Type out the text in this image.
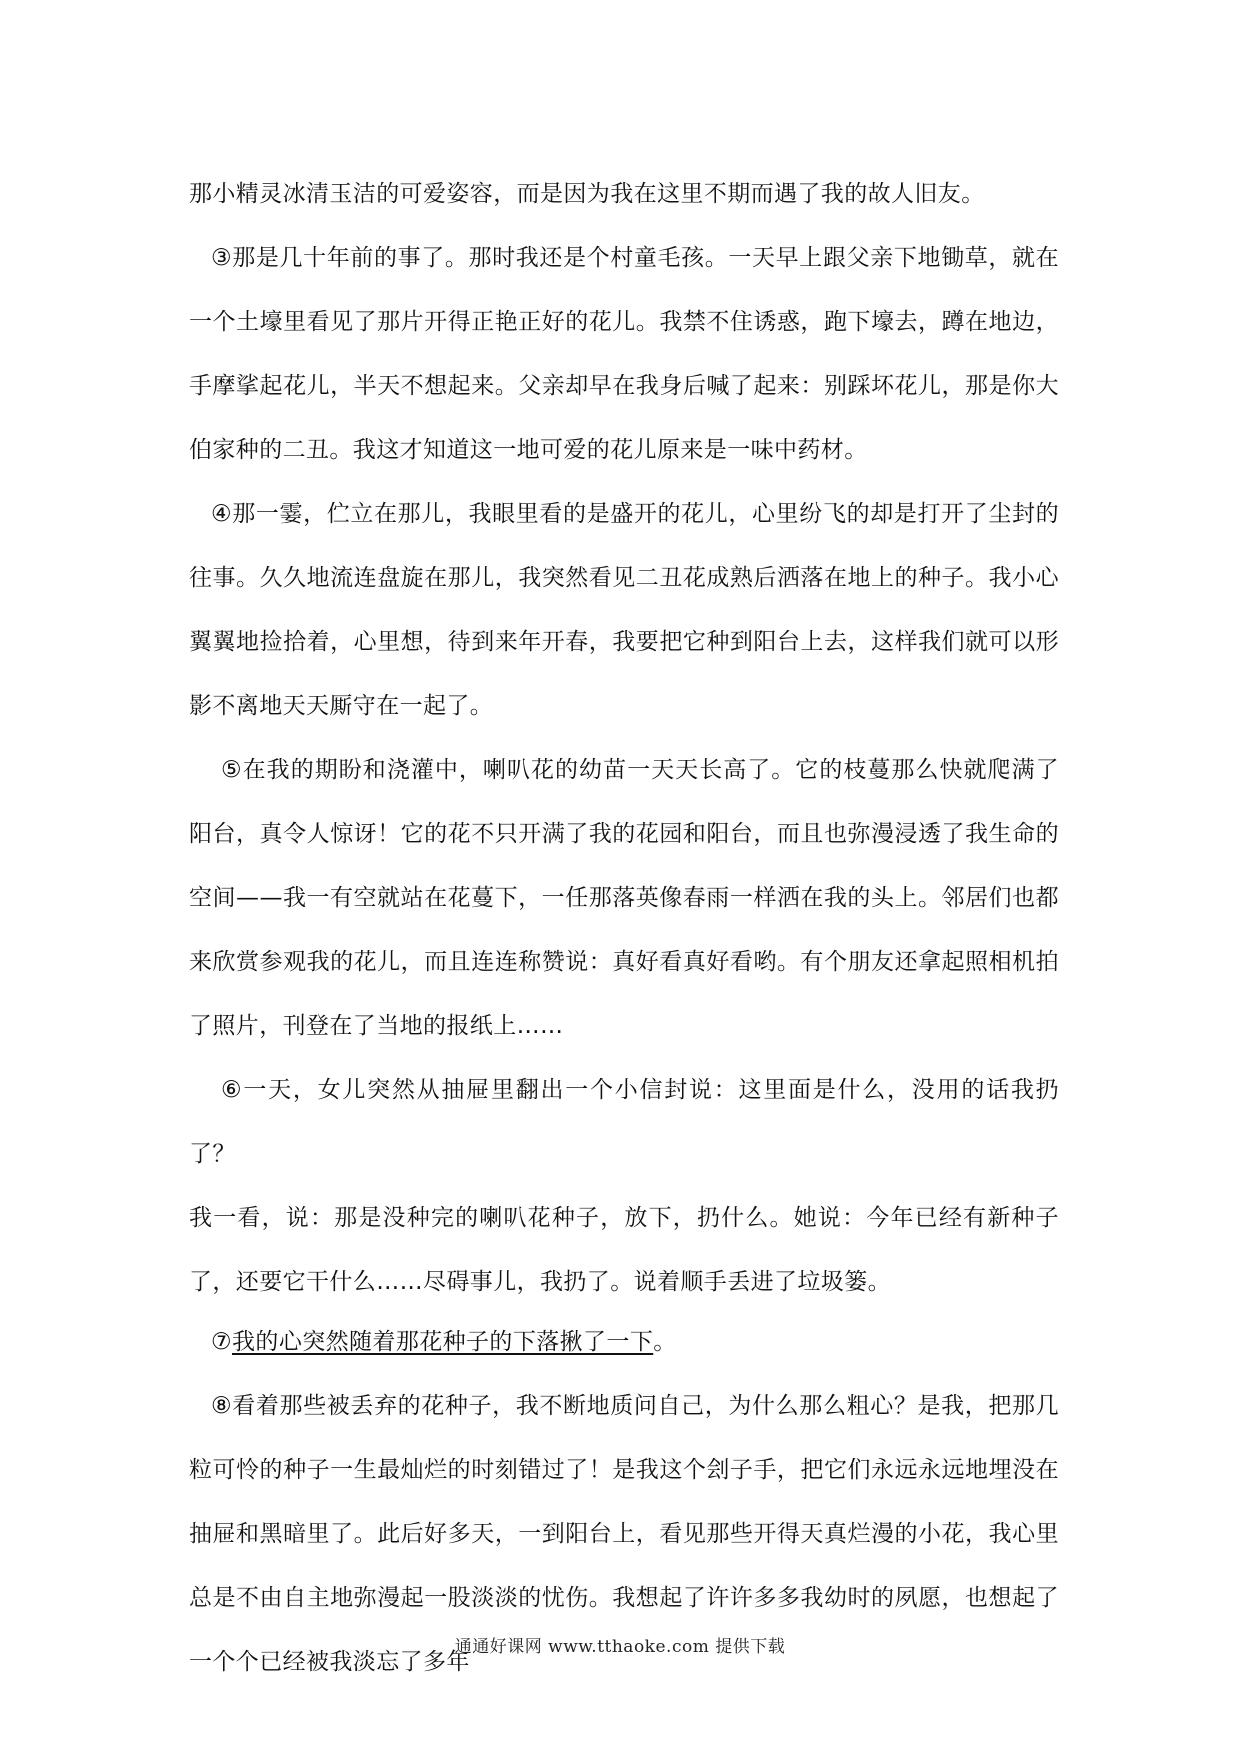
那小精灵冰清玉洁的可爱姿容，而是因为我在这里不期而遇了我的故人旧友。

③那是几十年前的事了。那时我还是个村童毛孩。一天早上跟父亲下地锄草，就在一个土壕里看见了那片开得正艳正好的花儿。我禁不住诱惑，跑下壕去，蹲在地边，手摩挲起花儿，半天不想起来。父亲却早在我身后喊了起来：别踩坏花儿，那是你大伯家种的二丑。我这才知道这一地可爱的花儿原来是一味中药材。

④那一霎，伫立在那儿，我眼里看的是盛开的花儿，心里纷飞的却是打开了尘封的往事。久久地流连盘旋在那儿，我突然看见二丑花成熟后洒落在地上的种子。我小心翼翼地捡拾着，心里想，待到来年开春，我要把它种到阳台上去，这样我们就可以形影不离地天天厮守在一起了。

⑤在我的期盼和浇灌中，喇叭花的幼苗一天天长高了。它的枝蔓那么快就爬满了阳台，真令人惊讶！它的花不只开满了我的花园和阳台，而且也弥漫浸透了我生命的空间——我一有空就站在花蔓下，一任那落英像春雨一样洒在我的头上。邻居们也都来欣赏参观我的花儿，而且连连称赞说：真好看真好看哟。有个朋友还拿起照相机拍了照片，刊登在了当地的报纸上……

⑥一天，女儿突然从抽屉里翻出一个小信封说：这里面是什么，没用的话我扔了？

我一看，说：那是没种完的喇叭花种子，放下，扔什么。她说：今年已经有新种子了，还要它干什么……尽碍事儿，我扔了。说着顺手丢进了垃圾篓。

⑦我的心突然随着那花种子的下落揪了一下。

⑧看着那些被丢弃的花种子，我不断地质问自己，为什么那么粗心？是我，把那几粒可怜的种子一生最灿烂的时刻错过了！是我这个刽子手，把它们永远永远地埋没在抽屉和黑暗里了。此后好多天，一到阳台上，看见那些开得天真烂漫的小花，我心里总是不由自主地弥漫起一股淡淡的忧伤。我想起了许许多多我幼时的夙愿，也想起了一个个已经被我淡忘了多年

通通好课网 www.tthaoke.com 提供下载
